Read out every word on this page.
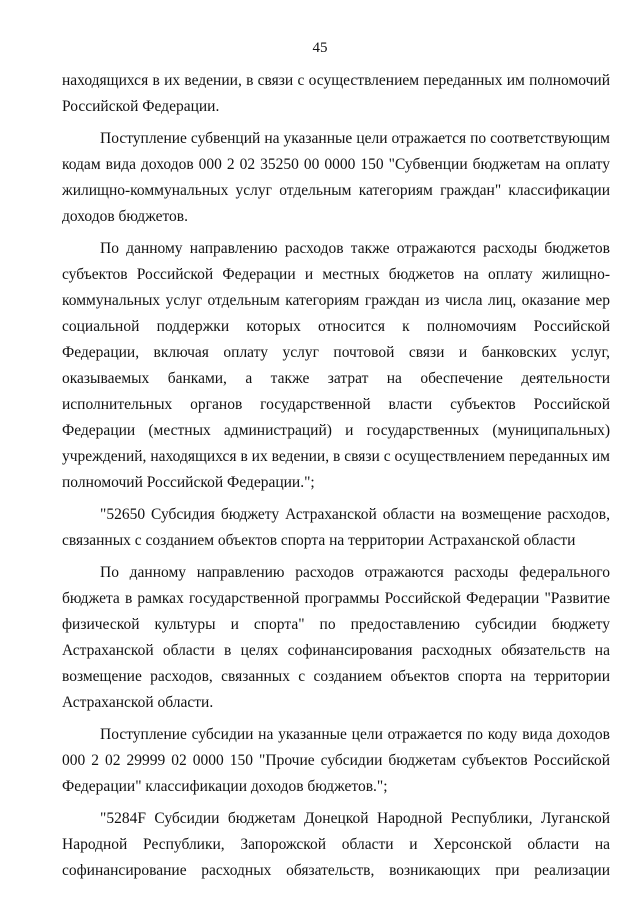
45

находящихся в их ведении, в связи с осуществлением переданных им полномочий Российской Федерации.

Поступление субвенций на указанные цели отражается по соответствующим кодам вида доходов 000 2 02 35250 00 0000 150 "Субвенции бюджетам на оплату жилищно-коммунальных услуг отдельным категориям граждан" классификации доходов бюджетов.

По данному направлению расходов также отражаются расходы бюджетов субъектов Российской Федерации и местных бюджетов на оплату жилищно-коммунальных услуг отдельным категориям граждан из числа лиц, оказание мер социальной поддержки которых относится к полномочиям Российской Федерации, включая оплату услуг почтовой связи и банковских услуг, оказываемых банками, а также затрат на обеспечение деятельности исполнительных органов государственной власти субъектов Российской Федерации (местных администраций) и государственных (муниципальных) учреждений, находящихся в их ведении, в связи с осуществлением переданных им полномочий Российской Федерации.";

"52650 Субсидия бюджету Астраханской области на возмещение расходов, связанных с созданием объектов спорта на территории Астраханской области

По данному направлению расходов отражаются расходы федерального бюджета в рамках государственной программы Российской Федерации "Развитие физической культуры и спорта" по предоставлению субсидии бюджету Астраханской области в целях софинансирования расходных обязательств на возмещение расходов, связанных с созданием объектов спорта на территории Астраханской области.

Поступление субсидии на указанные цели отражается по коду вида доходов 000 2 02 29999 02 0000 150 "Прочие субсидии бюджетам субъектов Российской Федерации" классификации доходов бюджетов.";

"5284F Субсидии бюджетам Донецкой Народной Республики, Луганской Народной Республики, Запорожской области и Херсонской области на софинансирование расходных обязательств, возникающих при реализации
